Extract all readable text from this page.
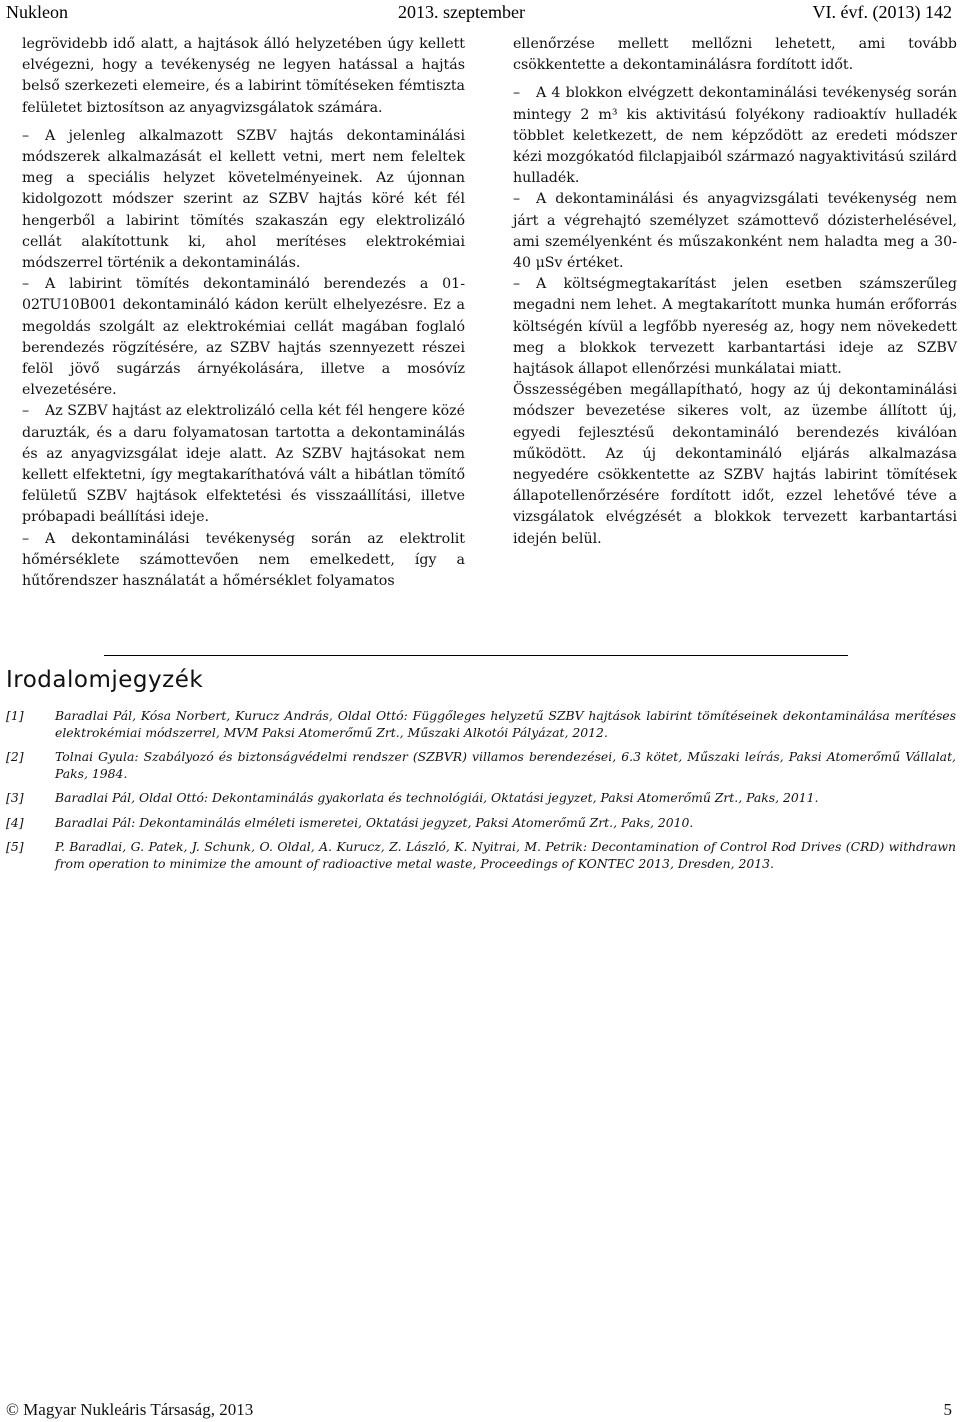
Nukleon	2013. szeptember	VI. évf. (2013) 142

legrövidebb idő alatt, a hajtások álló helyzetében úgy kellett elvégezni, hogy a tevékenység ne legyen hatással a hajtás belső szerkezeti elemeire, és a labirint tömítéseken fémtiszta felületet biztosítson az anyagvizsgálatok számára.

– A jelenleg alkalmazott SZBV hajtás dekontaminálási módszerek alkalmazását el kellett vetni, mert nem feleltek meg a speciális helyzet követelményeinek. Az újonnan kidolgozott módszer szerint az SZBV hajtás köré két fél hengerből a labirint tömítés szakaszán egy elektrolizáló cellát alakítottunk ki, ahol merítéses elektrokémiai módszerrel történik a dekontaminálás.

– A labirint tömítés dekontamináló berendezés a 01-02TU10B001 dekontamináló kádon került elhelyezésre. Ez a megoldás szolgált az elektrokémiai cellát magában foglaló berendezés rögzítésére, az SZBV hajtás szennyezett részei felöl jövő sugárzás árnyékolására, illetve a mosóvíz elvezetésére.

– Az SZBV hajtást az elektrolizáló cella két fél hengere közé daruzták, és a daru folyamatosan tartotta a dekontaminálás és az anyagvizsgálat ideje alatt. Az SZBV hajtásokat nem kellett elfektetni, így megtakaríthatóvá vált a hibátlan tömítő felületű SZBV hajtások elfektetési és visszaállítási, illetve próbapadi beállítási ideje.

– A dekontaminálási tevékenység során az elektrolit hőmérséklete számottevően nem emelkedett, így a hűtőrendszer használatát a hőmérséklet folyamatos

ellenőrzése mellett mellőzni lehetett, ami tovább csökkentette a dekontaminálásra fordított időt.

– A 4 blokkon elvégzett dekontaminálási tevékenység során mintegy 2 m³ kis aktivitású folyékony radioaktív hulladék többlet keletkezett, de nem képződött az eredeti módszer kézi mozgókatód filclapjaiból származó nagyaktivitású szilárd hulladék.

– A dekontaminálási és anyagvizsgálati tevékenység nem járt a végrehajtó személyzet számottevő dózisterhelésével, ami személyenként és műszakonként nem haladta meg a 30-40 μSv értéket.

– A költségmegtakarítást jelen esetben számszerűleg megadni nem lehet. A megtakarított munka humán erőforrás költségén kívül a legfőbb nyereség az, hogy nem növekedett meg a blokkok tervezett karbantartási ideje az SZBV hajtások állapot ellenőrzési munkálatai miatt.

Összességében megállapítható, hogy az új dekontaminálási módszer bevezetése sikeres volt, az üzembe állított új, egyedi fejlesztésű dekontamináló berendezés kiválóan működött. Az új dekontamináló eljárás alkalmazása negyedére csökkentette az SZBV hajtás labirint tömítések állapotellenőrzésére fordított időt, ezzel lehetővé téve a vizsgálatok elvégzését a blokkok tervezett karbantartási idején belül.

Irodalomjegyzék
[1]	Baradlai Pál, Kósa Norbert, Kurucz András, Oldal Ottó: Függőleges helyzetű SZBV hajtások labirint tömítéseinek dekontaminálása merítéses elektrokémiai módszerrel, MVM Paksi Atomerőmű Zrt., Műszaki Alkotói Pályázat, 2012.
[2]	Tolnai Gyula: Szabályozó és biztonságvédelmi rendszer (SZBVR) villamos berendezései, 6.3 kötet, Műszaki leírás, Paksi Atomerőmű Vállalat, Paks, 1984.
[3]	Baradlai Pál, Oldal Ottó: Dekontaminálás gyakorlata és technológiái, Oktatási jegyzet, Paksi Atomerőmű Zrt., Paks, 2011.
[4]	Baradlai Pál: Dekontaminálás elméleti ismeretei, Oktatási jegyzet, Paksi Atomerőmű Zrt., Paks, 2010.
[5]	P. Baradlai, G. Patek, J. Schunk, O. Oldal, A. Kurucz, Z. László, K. Nyitrai, M. Petrik: Decontamination of Control Rod Drives (CRD) withdrawn from operation to minimize the amount of radioactive metal waste, Proceedings of KONTEC 2013, Dresden, 2013.
© Magyar Nukleáris Társaság, 2013	5
